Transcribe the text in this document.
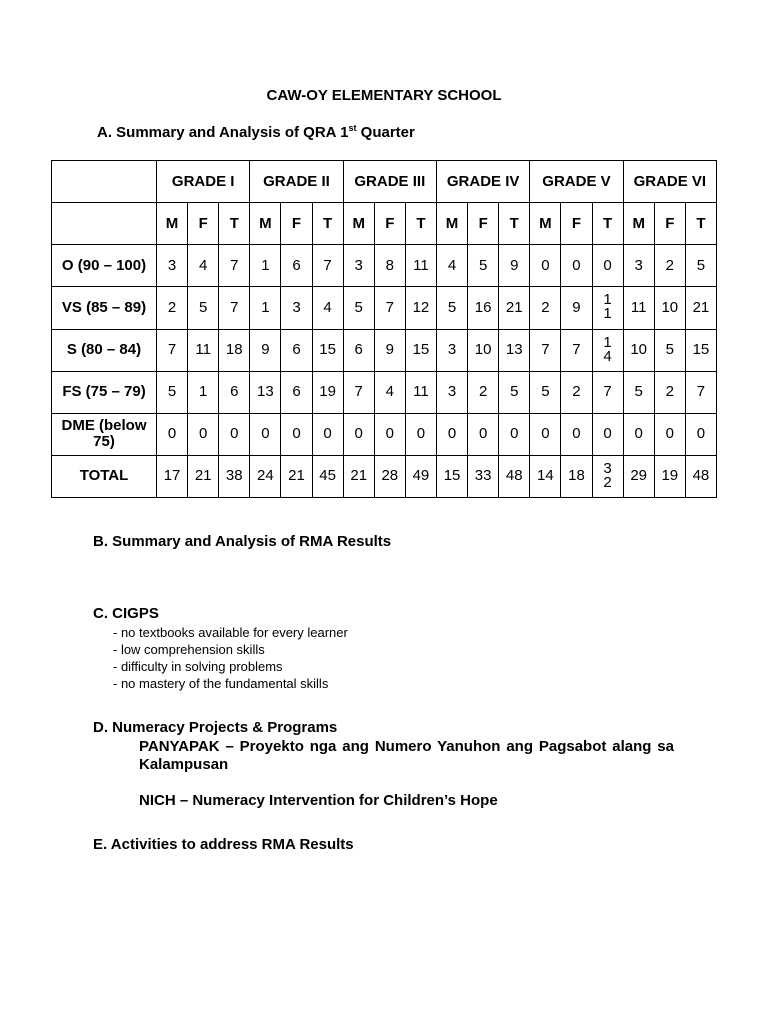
CAW-OY ELEMENTARY SCHOOL
A. Summary and Analysis of QRA 1st Quarter
	GRADE I			GRADE II			GRADE III			GRADE IV			GRADE V			GRADE VI		
	M	F	T	M	F	T	M	F	T	M	F	T	M	F	T	M	F	T
O (90 – 100)	3	4	7	1	6	7	3	8	11	4	5	9	0	0	0	3	2	5
VS (85 – 89)	2	5	7	1	3	4	5	7	12	5	16	21	2	9	11	11	10	21
S (80 – 84)	7	11	18	9	6	15	6	9	15	3	10	13	7	7	14	10	5	15
FS (75 – 79)	5	1	6	13	6	19	7	4	11	3	2	5	5	2	7	5	2	7
DME (below 75)	0	0	0	0	0	0	0	0	0	0	0	0	0	0	0	0	0	0
TOTAL	17	21	38	24	21	45	21	28	49	15	33	48	14	18	32	29	19	48
B. Summary and Analysis of RMA Results
C. CIGPS
- no textbooks available for every learner
- low comprehension skills
- difficulty in solving problems
- no mastery of the fundamental skills
D. Numeracy Projects & Programs
PANYAPAK – Proyekto nga ang Numero Yanuhon ang Pagsabot alang sa Kalampusan
NICH – Numeracy Intervention for Children’s Hope
E. Activities to address RMA Results
